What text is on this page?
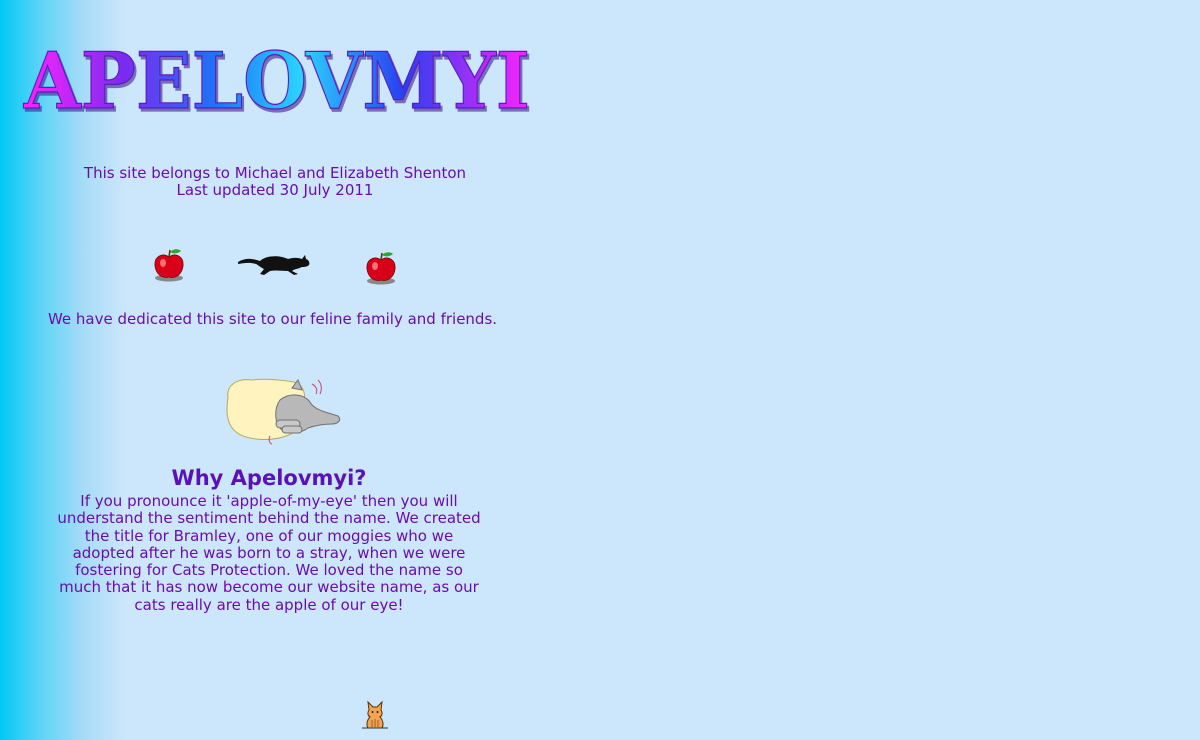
APELOVMYI
This site belongs to Michael and Elizabeth Shenton
Last updated 30 July 2011
We have dedicated this site to our feline family and friends.
Why Apelovmyi?

If you pronounce it 'apple-of-my-eye' then you will understand the sentiment behind the name. We created the title for Bramley, one of our moggies who we adopted after he was born to a stray, when we were fostering for Cats Protection. We loved the name so much that it has now become our website name, as our cats really are the apple of our eye!
